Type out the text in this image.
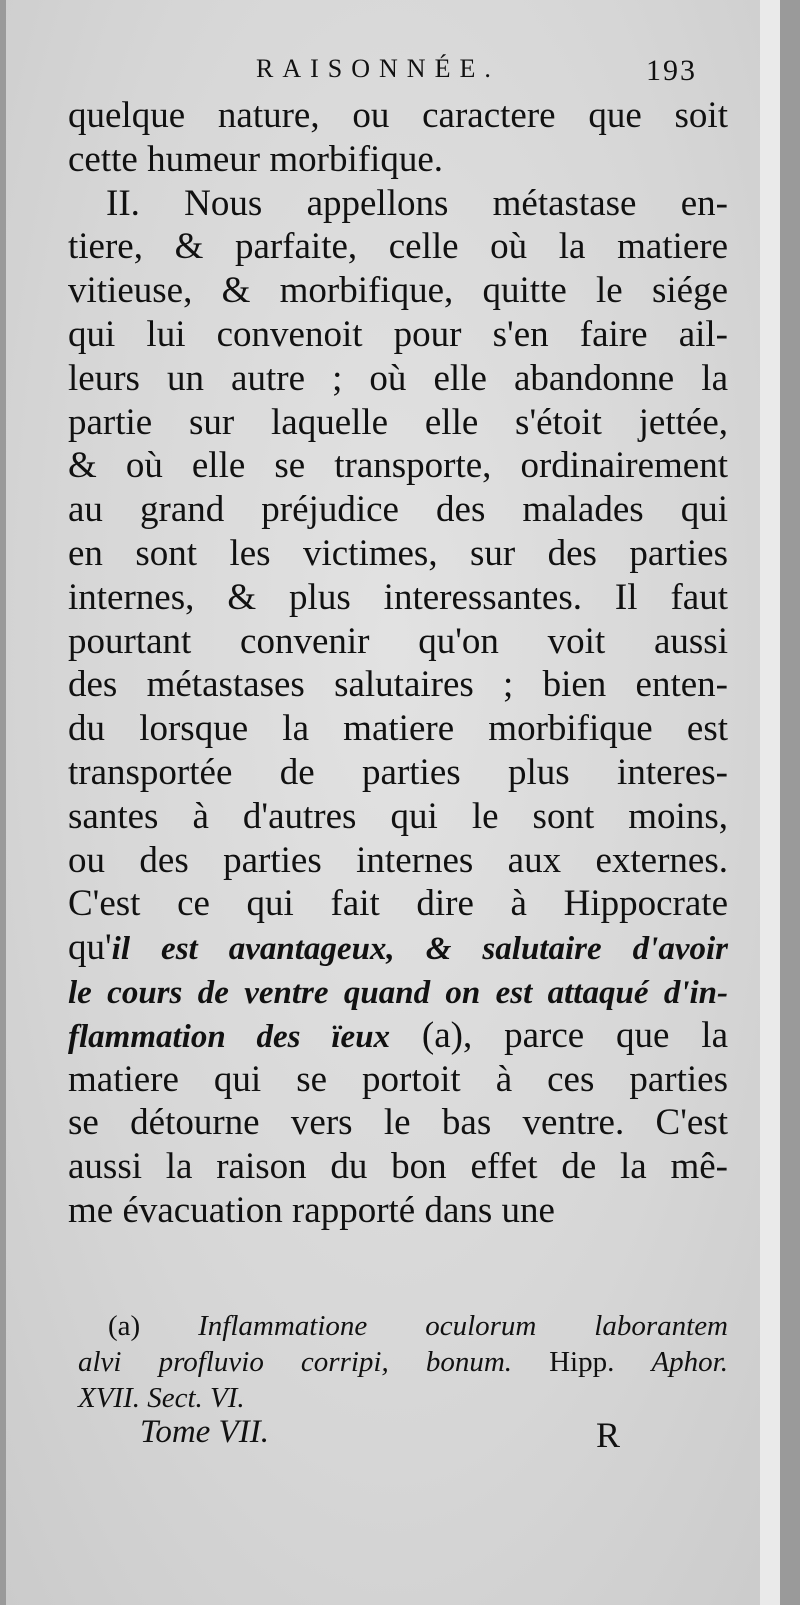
RAISONNÉE.	193
quelque nature, ou caractere que soit
cette humeur morbifique.
II. Nous appellons métastase en-
tiere, & parfaite, celle où la matiere
vitieuse, & morbifique, quitte le siége
qui lui convenoit pour s'en faire ail-
leurs un autre ; où elle abandonne la
partie sur laquelle elle s'étoit jettée,
& où elle se transporte, ordinairement
au grand préjudice des malades qui
en sont les victimes, sur des parties
internes, & plus interessantes. Il faut
pourtant convenir qu'on voit aussi
des métastases salutaires ; bien enten-
du lorsque la matiere morbifique est
transportée de parties plus interes-
santes à d'autres qui le sont moins,
ou des parties internes aux externes.
C'est ce qui fait dire à Hippocrate
qu'il est avantageux, & salutaire d'avoir
le cours de ventre quand on est attaqué d'in-
flammation des ïeux (a), parce que la
matiere qui se portoit à ces parties
se détourne vers le bas ventre. C'est
aussi la raison du bon effet de la mê-
me évacuation rapporté dans une
(a) Inflammatione oculorum laborantem
alvi profluvio corripi, bonum. Hipp. Aphor.
XVII. Sect. VI.
Tome VII.	R
